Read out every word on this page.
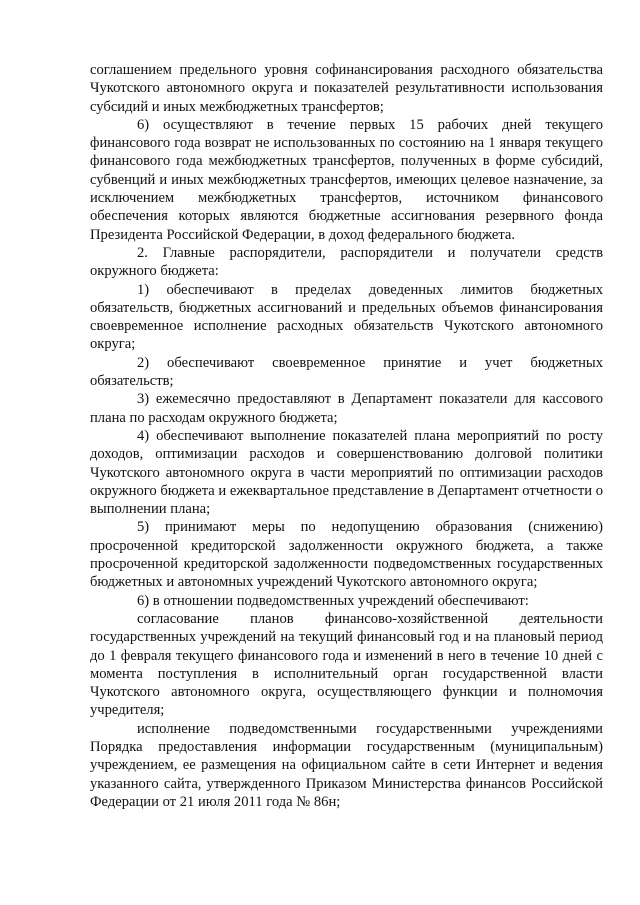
соглашением предельного уровня софинансирования расходного обязательства Чукотского автономного округа и показателей результативности использования субсидий и иных межбюджетных трансфертов;

6) осуществляют в течение первых 15 рабочих дней текущего финансового года возврат не использованных по состоянию на 1 января текущего финансового года межбюджетных трансфертов, полученных в форме субсидий, субвенций и иных межбюджетных трансфертов, имеющих целевое назначение, за исключением межбюджетных трансфертов, источником финансового обеспечения которых являются бюджетные ассигнования резервного фонда Президента Российской Федерации, в доход федерального бюджета.

2. Главные распорядители, распорядители и получатели средств окружного бюджета:

1) обеспечивают в пределах доведенных лимитов бюджетных обязательств, бюджетных ассигнований и предельных объемов финансирования своевременное исполнение расходных обязательств Чукотского автономного округа;

2) обеспечивают своевременное принятие и учет бюджетных обязательств;

3) ежемесячно предоставляют в Департамент показатели для кассового плана по расходам окружного бюджета;

4) обеспечивают выполнение показателей плана мероприятий по росту доходов, оптимизации расходов и совершенствованию долговой политики Чукотского автономного округа в части мероприятий по оптимизации расходов окружного бюджета и ежеквартальное представление в Департамент отчетности о выполнении плана;

5) принимают меры по недопущению образования (снижению) просроченной кредиторской задолженности окружного бюджета, а также просроченной кредиторской задолженности подведомственных государственных бюджетных и автономных учреждений Чукотского автономного округа;

6) в отношении подведомственных учреждений обеспечивают:

согласование планов финансово-хозяйственной деятельности государственных учреждений на текущий финансовый год и на плановый период до 1 февраля текущего финансового года и изменений в него в течение 10 дней с момента поступления в исполнительный орган государственной власти Чукотского автономного округа, осуществляющего функции и полномочия учредителя;

исполнение подведомственными государственными учреждениями Порядка предоставления информации государственным (муниципальным) учреждением, ее размещения на официальном сайте в сети Интернет и ведения указанного сайта, утвержденного Приказом Министерства финансов Российской Федерации от 21 июля 2011 года № 86н;
